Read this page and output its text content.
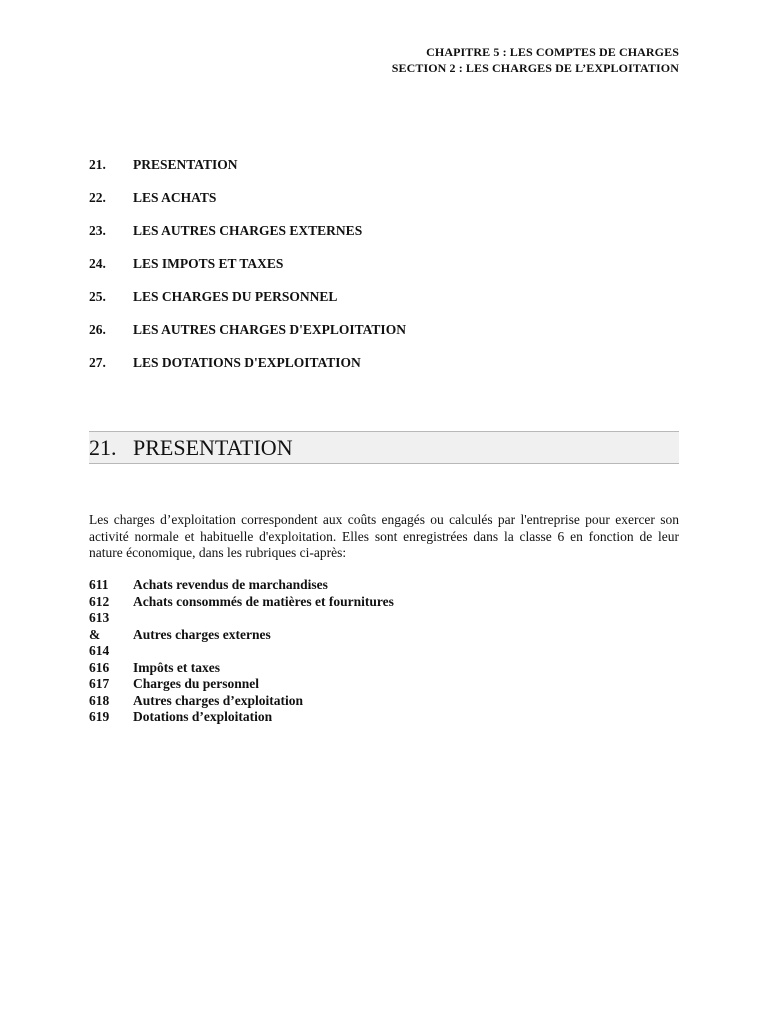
CHAPITRE 5 : LES COMPTES DE CHARGES
SECTION 2 : LES CHARGES DE L’EXPLOITATION
21.	PRESENTATION
22.	LES ACHATS
23.	LES AUTRES CHARGES EXTERNES
24.	LES IMPOTS ET TAXES
25.	LES CHARGES DU PERSONNEL
26.	LES AUTRES CHARGES D'EXPLOITATION
27.	LES DOTATIONS D'EXPLOITATION
21. PRESENTATION
Les charges d’exploitation correspondent aux coûts engagés ou calculés par l'entreprise pour exercer son activité normale et habituelle d'exploitation. Elles sont enregistrées dans la classe 6 en fonction de leur nature économique, dans les rubriques ci-après:
611	Achats revendus de marchandises
612	Achats consommés de matières et fournitures
613
&	Autres charges externes
614
616	Impôts et taxes
617	Charges du personnel
618	Autres charges d’exploitation
619	Dotations d’exploitation
